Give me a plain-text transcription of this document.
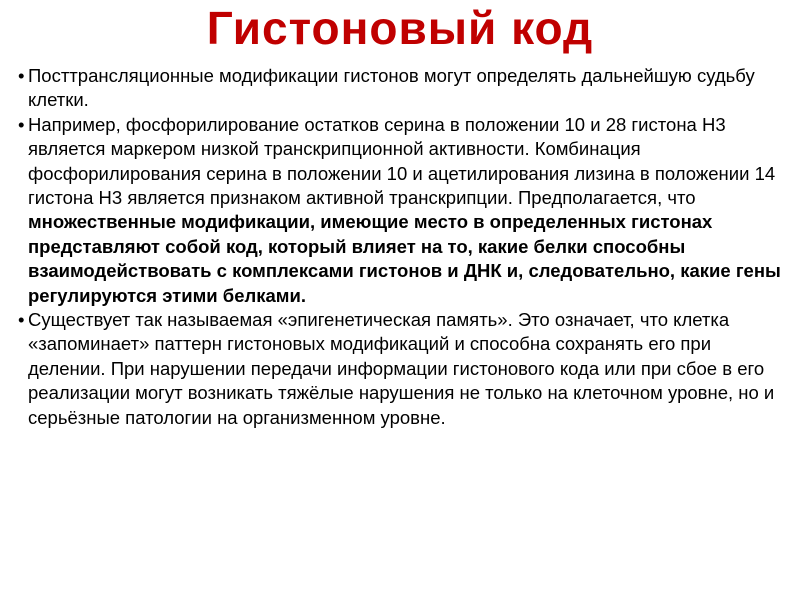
Гистоновый код
• Посттрансляционные модификации гистонов могут определять дальнейшую судьбу клетки.
• Например, фосфорилирование остатков серина в положении 10 и 28 гистона Н3 является маркером низкой транскрипционной активности. Комбинация фосфорилирования серина в положении 10 и ацетилирования лизина в положении 14 гистона Н3 является признаком активной транскрипции. Предполагается, что множественные модификации, имеющие место в определенных гистонах представляют собой код, который влияет на то, какие белки способны взаимодействовать с комплексами гистонов и ДНК и, следовательно, какие гены регулируются этими белками.
• Существует так называемая «эпигенетическая память». Это означает, что клетка «запоминает» паттерн гистоновых модификаций и способна сохранять его при делении. При нарушении передачи информации гистонового кода или при сбое в его реализации могут возникать тяжёлые нарушения не только на клеточном уровне, но и серьёзные патологии на организменном уровне.
